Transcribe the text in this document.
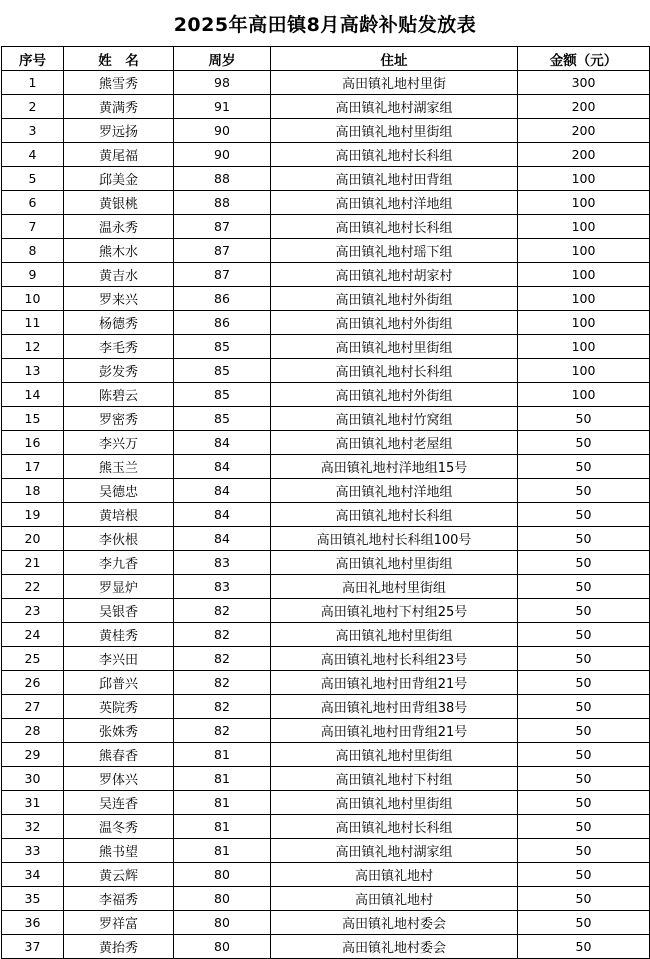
2025年高田镇8月高龄补贴发放表
序号	姓　名	周岁	住址	金额（元）
1	熊雪秀	98	高田镇礼地村里街	300
2	黄满秀	91	高田镇礼地村湖家组	200
3	罗远扬	90	高田镇礼地村里街组	200
4	黄尾福	90	高田镇礼地村长科组	200
5	邱美金	88	高田镇礼地村田背组	100
6	黄银桃	88	高田镇礼地村洋地组	100
7	温永秀	87	高田镇礼地村长科组	100
8	熊木水	87	高田镇礼地村瑶下组	100
9	黄吉水	87	高田镇礼地村胡家村	100
10	罗来兴	86	高田镇礼地村外街组	100
11	杨德秀	86	高田镇礼地村外街组	100
12	李毛秀	85	高田镇礼地村里街组	100
13	彭发秀	85	高田镇礼地村长科组	100
14	陈碧云	85	高田镇礼地村外街组	100
15	罗密秀	85	高田镇礼地村竹窝组	50
16	李兴万	84	高田镇礼地村老屋组	50
17	熊玉兰	84	高田镇礼地村洋地组15号	50
18	吴德忠	84	高田镇礼地村洋地组	50
19	黄培根	84	高田镇礼地村长科组	50
20	李伙根	84	高田镇礼地村长科组100号	50
21	李九香	83	高田镇礼地村里街组	50
22	罗显炉	83	高田礼地村里街组	50
23	吴银香	82	高田镇礼地村下村组25号	50
24	黄桂秀	82	高田镇礼地村里街组	50
25	李兴田	82	高田镇礼地村长科组23号	50
26	邱普兴	82	高田镇礼地村田背组21号	50
27	英院秀	82	高田镇礼地村田背组38号	50
28	张姝秀	82	高田镇礼地村田背组21号	50
29	熊春香	81	高田镇礼地村里街组	50
30	罗体兴	81	高田镇礼地村下村组	50
31	吴连香	81	高田镇礼地村里街组	50
32	温冬秀	81	高田镇礼地村长科组	50
33	熊书望	81	高田镇礼地村湖家组	50
34	黄云辉	80	高田镇礼地村	50
35	李福秀	80	高田镇礼地村	50
36	罗祥富	80	高田镇礼地村委会	50
37	黄抬秀	80	高田镇礼地村委会	50
